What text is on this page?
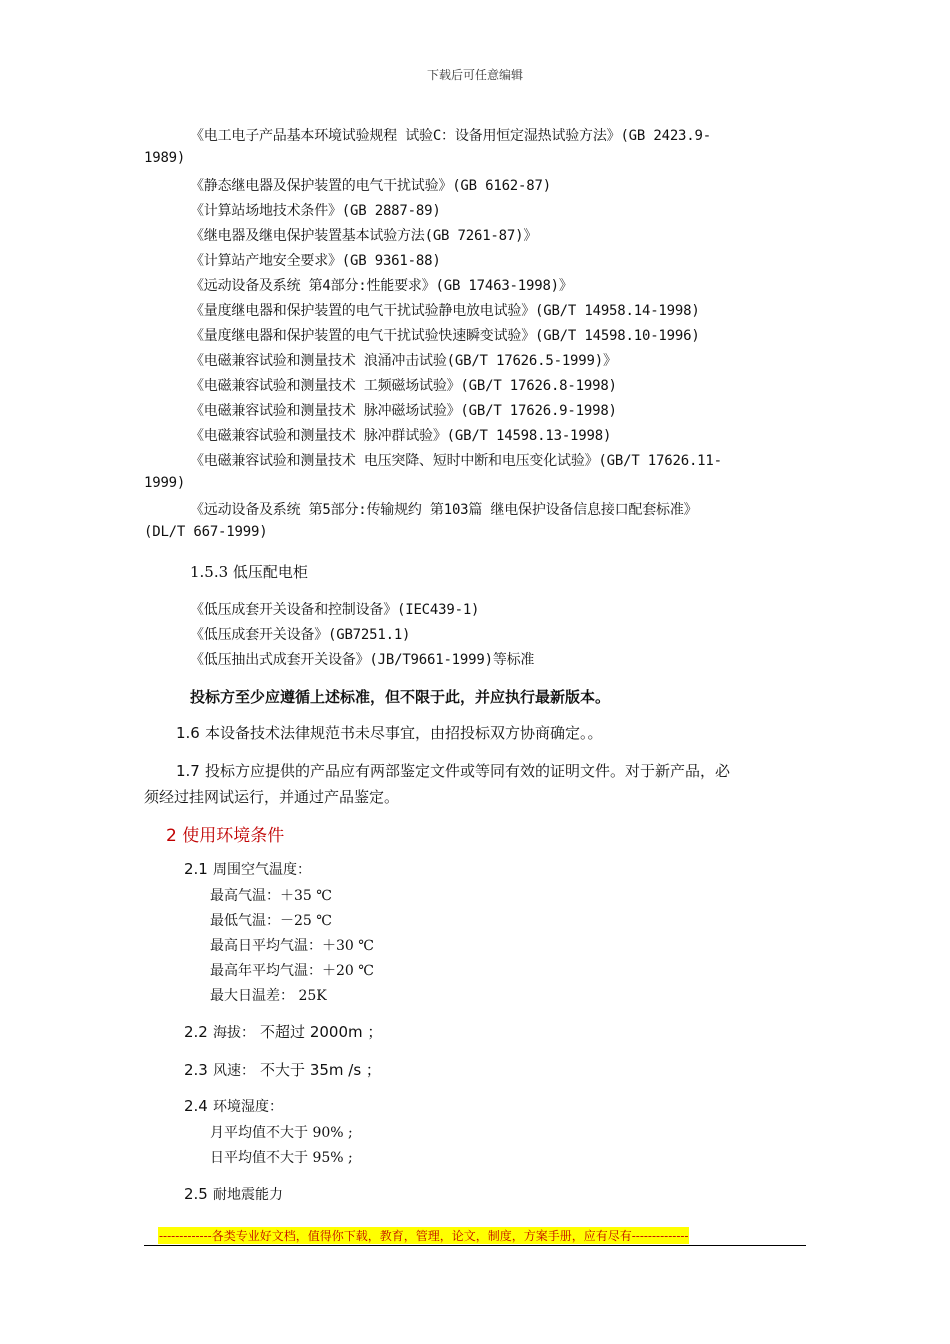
下载后可任意编辑
《电工电子产品基本环境试验规程 试验C：设备用恒定湿热试验方法》(GB 2423.9-
1989)
《静态继电器及保护装置的电气干扰试验》(GB 6162-87)
《计算站场地技术条件》(GB 2887-89)
《继电器及继电保护装置基本试验方法(GB 7261-87)》
《计算站产地安全要求》(GB 9361-88)
《远动设备及系统 第4部分:性能要求》(GB 17463-1998)》
《量度继电器和保护装置的电气干扰试验静电放电试验》(GB/T 14958.14-1998)
《量度继电器和保护装置的电气干扰试验快速瞬变试验》(GB/T 14598.10-1996)
《电磁兼容试验和测量技术 浪涌冲击试验(GB/T 17626.5-1999)》
《电磁兼容试验和测量技术 工频磁场试验》(GB/T 17626.8-1998)
《电磁兼容试验和测量技术 脉冲磁场试验》(GB/T 17626.9-1998)
《电磁兼容试验和测量技术 脉冲群试验》(GB/T 14598.13-1998)
《电磁兼容试验和测量技术 电压突降、短时中断和电压变化试验》(GB/T 17626.11-
1999)
《远动设备及系统 第5部分:传输规约 第103篇 继电保护设备信息接口配套标准》
(DL/T 667-1999)
1.5.3 低压配电柜
《低压成套开关设备和控制设备》(IEC439-1)
《低压成套开关设备》(GB7251.1)
《低压抽出式成套开关设备》(JB/T9661-1999)等标准
投标方至少应遵循上述标准，但不限于此，并应执行最新版本。
1.6 本设备技术法律规范书未尽事宜，由招投标双方协商确定。。
1.7 投标方应提供的产品应有两部鉴定文件或等同有效的证明文件。对于新产品，必
须经过挂网试运行，并通过产品鉴定。
2 使用环境条件
2.1 周围空气温度：
最高气温：＋35 ℃
最低气温：－25 ℃
最高日平均气温：＋30 ℃
最高年平均气温：＋20 ℃
最大日温差： 25K
2.2 海拔： 不超过 2000m ；
2.3 风速： 不大于 35m /s ；
2.4 环境湿度：
月平均值不大于 90% ;
日平均值不大于 95% ;
2.5 耐地震能力
-------------各类专业好文档，值得你下载，教育，管理，论文，制度，方案手册，应有尽有--------------
